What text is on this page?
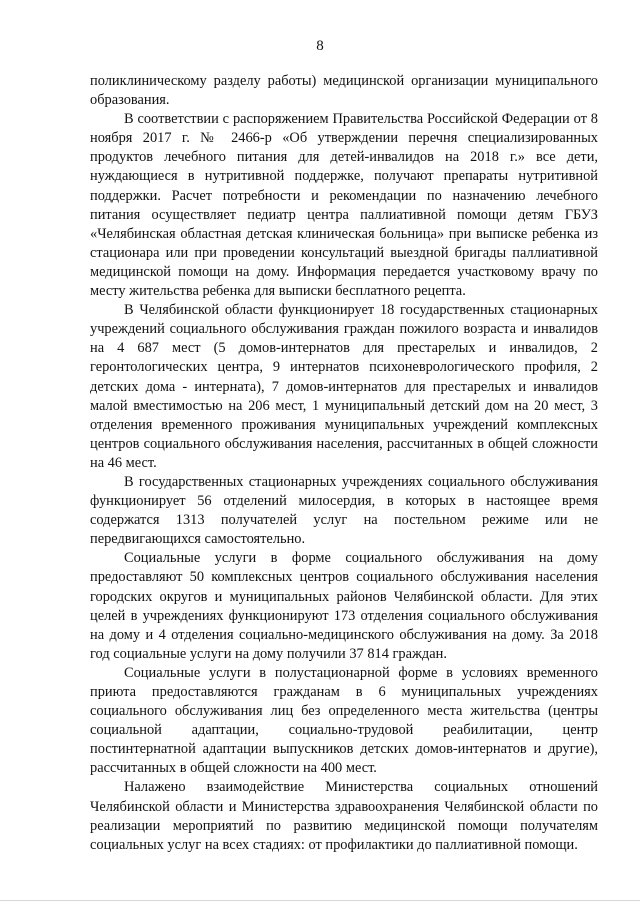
8

поликлиническому разделу работы) медицинской организации муниципального образования.

В соответствии с распоряжением Правительства Российской Федерации от 8 ноября 2017 г. № 2466-р «Об утверждении перечня специализированных продуктов лечебного питания для детей-инвалидов на 2018 г.» все дети, нуждающиеся в нутритивной поддержке, получают препараты нутритивной поддержки. Расчет потребности и рекомендации по назначению лечебного питания осуществляет педиатр центра паллиативной помощи детям ГБУЗ «Челябинская областная детская клиническая больница» при выписке ребенка из стационара или при проведении консультаций выездной бригады паллиативной медицинской помощи на дому. Информация передается участковому врачу по месту жительства ребенка для выписки бесплатного рецепта.

В Челябинской области функционирует 18 государственных стационарных учреждений социального обслуживания граждан пожилого возраста и инвалидов на 4 687 мест (5 домов-интернатов для престарелых и инвалидов, 2 геронтологических центра, 9 интернатов психоневрологического профиля, 2 детских дома - интерната), 7 домов-интернатов для престарелых и инвалидов малой вместимостью на 206 мест, 1 муниципальный детский дом на 20 мест, 3 отделения временного проживания муниципальных учреждений комплексных центров социального обслуживания населения, рассчитанных в общей сложности на 46 мест.

В государственных стационарных учреждениях социального обслуживания функционирует 56 отделений милосердия, в которых в настоящее время содержатся 1313 получателей услуг на постельном режиме или не передвигающихся самостоятельно.

Социальные услуги в форме социального обслуживания на дому предоставляют 50 комплексных центров социального обслуживания населения городских округов и муниципальных районов Челябинской области. Для этих целей в учреждениях функционируют 173 отделения социального обслуживания на дому и 4 отделения социально-медицинского обслуживания на дому. За 2018 год социальные услуги на дому получили 37 814 граждан.

Социальные услуги в полустационарной форме в условиях временного приюта предоставляются гражданам в 6 муниципальных учреждениях социального обслуживания лиц без определенного места жительства (центры социальной адаптации, социально-трудовой реабилитации, центр постинтернатной адаптации выпускников детских домов-интернатов и другие), рассчитанных в общей сложности на 400 мест.

Налажено взаимодействие Министерства социальных отношений Челябинской области и Министерства здравоохранения Челябинской области по реализации мероприятий по развитию медицинской помощи получателям социальных услуг на всех стадиях: от профилактики до паллиативной помощи.
